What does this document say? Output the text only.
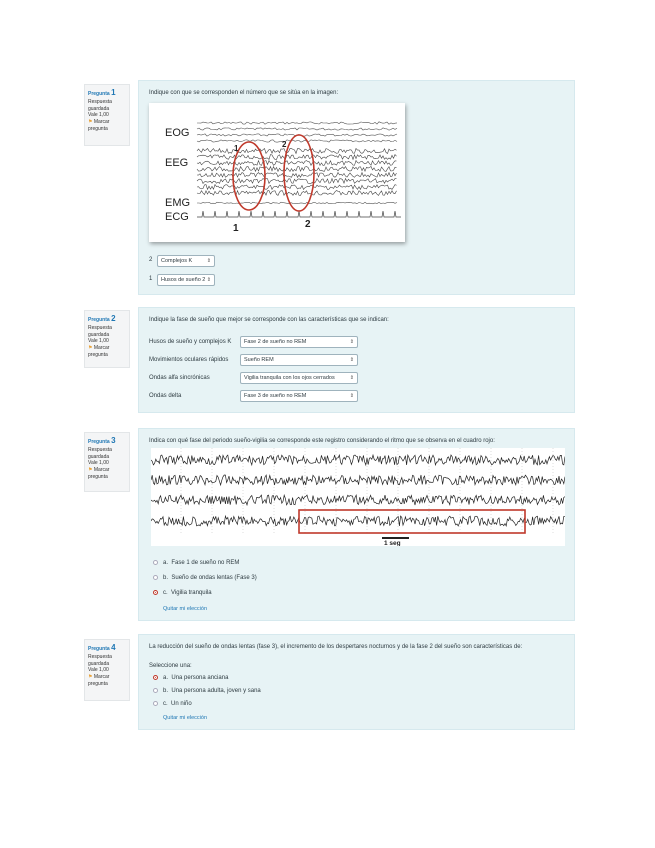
Pregunta 1
Respuesta guardada
Vale 1,00
⚑ Marcar pregunta
Indique con que se corresponden el número que se sitúa en la imagen:
EOG
EEG
EMG
ECG
1	2
1	2
2	Complejos K	⇕
1	Husos de sueño 2 ⇕
Pregunta 2
Respuesta guardada
Vale 1,00
⚑ Marcar pregunta
Indique la fase de sueño que mejor se corresponde con las características que se indican:
Husos de sueño y complejos K	Fase 2 de sueño no REM	⇕
Movimientos oculares rápidos	Sueño REM	⇕
Ondas alfa sincrónicas	Vigilia tranquila con los ojos cerrados	⇕
Ondas delta	Fase 3 de sueño no REM	⇕
Pregunta 3
Respuesta guardada
Vale 1,00
⚑ Marcar pregunta
Indica con qué fase del periodo sueño-vigilia se corresponde este registro considerando el ritmo que se observa en el cuadro rojo:
1 seg
a. Fase 1 de sueño no REM
b. Sueño de ondas lentas (Fase 3)
c. Vigilia tranquila
Quitar mi elección
Pregunta 4
Respuesta guardada
Vale 1,00
⚑ Marcar pregunta
La reducción del sueño de ondas lentas (fase 3), el incremento de los despertares nocturnos y de la fase 2 del sueño son características de:
Seleccione una:
a. Una persona anciana
b. Una persona adulta, joven y sana
c. Un niño
Quitar mi elección
